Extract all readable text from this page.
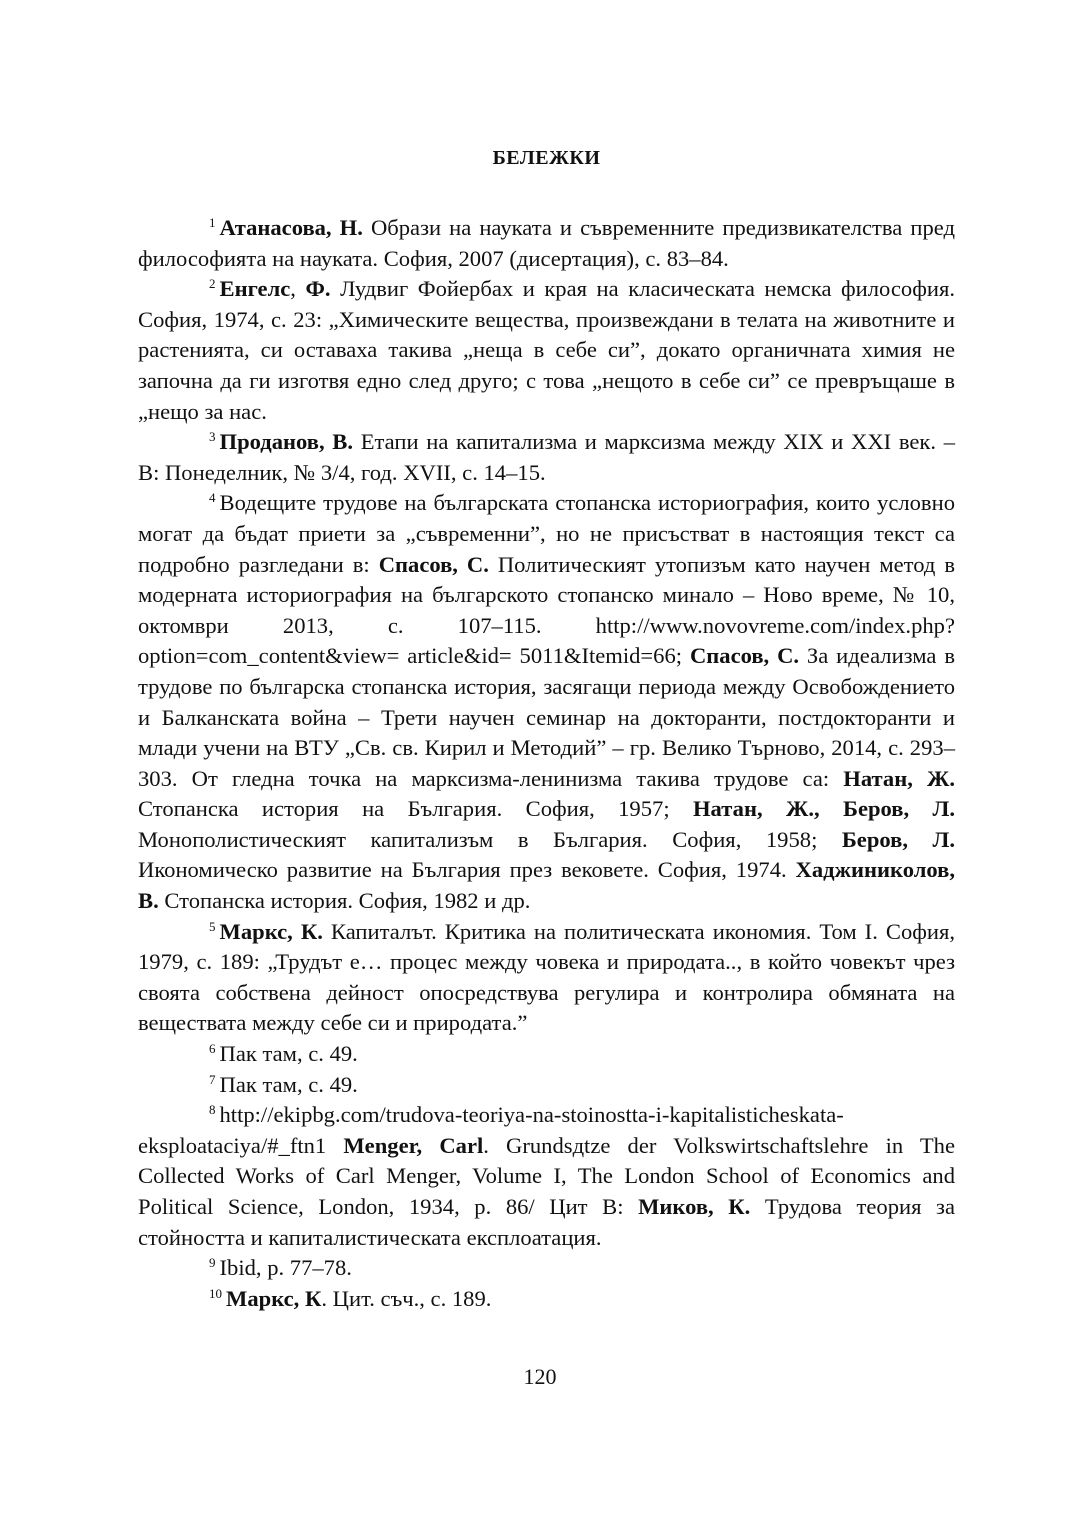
БЕЛЕЖКИ

$^1$ Атанасова, Н. Образи на науката и съвременните предизвикателства пред философията на науката. София, 2007 (дисертация), с. 83–84.

$^2$ Енгелс, Ф. Лудвиг Фойербах и края на класическата немска философия. София, 1974, с. 23: „Химическите вещества, произвеждани в телата на животните и растенията, си оставаха такива „неща в себе си”, докато органичната химия не започна да ги изготвя едно след друго; с това „нещото в себе си” се превръщаше в „нещо за нас.

$^3$ Проданов, В. Етапи на капитализма и марксизма между XIX и XXI век. – В: Понеделник, № 3/4, год. XVII, с. 14–15.

$^4$ Водещите трудове на българската стопанска историография, които условно могат да бъдат приети за „съвременни”, но не присъстват в настоящия текст са подробно разгледани в: Спасов, С. Политическият утопизъм като научен метод в модерната историография на българското стопанско минало – Ново време, № 10, октомври 2013, с. 107–115. http://www.novovreme.com/index.php?option=com_content&view= article&id= 5011&Itemid=66; Спасов, С. За идеализма в трудове по българска стопанска история, засягащи периода между Освобождението и Балканската война – Трети научен семинар на докторанти, постдокторанти и млади учени на ВТУ „Св. св. Кирил и Методий” – гр. Велико Търново, 2014, с. 293–303. От гледна точка на марксизма-ленинизма такива трудове са: Натан, Ж. Стопанска история на България. София, 1957; Натан, Ж., Беров, Л. Монополистическият капитализъм в България. София, 1958; Беров, Л. Икономическо развитие на България през вековете. София, 1974. Хаджиниколов, В. Стопанска история. София, 1982 и др.

$^5$ Маркс, К. Капиталът. Критика на политическата икономия. Том I. София, 1979, с. 189: „Трудът е… процес между човека и природата.., в който човекът чрез своята собствена дейност опосредствува регулира и контролира обмяната на веществата между себе си и природата.”

$^6$ Пак там, с. 49.

$^7$ Пак там, с. 49.

$^8$ http://ekipbg.com/trudova-teoriya-na-stoinostta-i-kapitalisticheskata-eksploataciya/#_ftn1 Menger, Carl. Grundsдtze der Volkswirtschaftslehre in The Collected Works of Carl Menger, Volume I, The London School of Economics and Political Science, London, 1934, p. 86/ Цит В: Миков, К. Трудова теория за стойността и капиталистическата експлоатация.

$^9$ Ibid, p. 77–78.

$^{10}$ Маркс, К. Цит. съч., с. 189.

120
